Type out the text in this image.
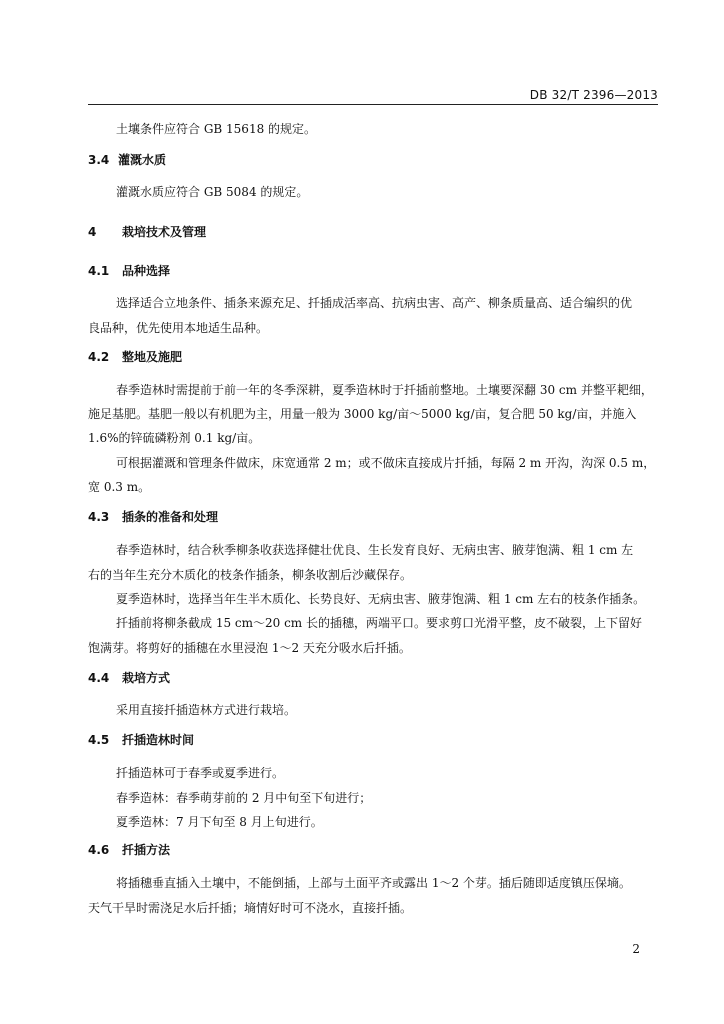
DB 32/T 2396—2013
土壤条件应符合 GB 15618 的规定。
3.4 灌溉水质
灌溉水质应符合 GB 5084 的规定。
4 栽培技术及管理
4.1 品种选择
选择适合立地条件、插条来源充足、扦插成活率高、抗病虫害、高产、柳条质量高、适合编织的优
良品种，优先使用本地适生品种。
4.2 整地及施肥
春季造林时需提前于前一年的冬季深耕，夏季造林时于扦插前整地。土壤要深翻 30 cm 并整平耙细，
施足基肥。基肥一般以有机肥为主，用量一般为 3000 kg/亩～5000 kg/亩，复合肥 50 kg/亩，并施入
1.6%的锌硫磷粉剂 0.1 kg/亩。
可根据灌溉和管理条件做床，床宽通常 2 m；或不做床直接成片扦插，每隔 2 m 开沟，沟深 0.5 m，
宽 0.3 m。
4.3 插条的准备和处理
春季造林时，结合秋季柳条收获选择健壮优良、生长发育良好、无病虫害、腋芽饱满、粗 1 cm 左
右的当年生充分木质化的枝条作插条，柳条收割后沙藏保存。
夏季造林时，选择当年生半木质化、长势良好、无病虫害、腋芽饱满、粗 1 cm 左右的枝条作插条。
扦插前将柳条截成 15 cm～20 cm 长的插穗，两端平口。要求剪口光滑平整，皮不破裂，上下留好
饱满芽。将剪好的插穗在水里浸泡 1～2 天充分吸水后扦插。
4.4 栽培方式
采用直接扦插造林方式进行栽培。
4.5 扦插造林时间
扦插造林可于春季或夏季进行。
春季造林：春季萌芽前的 2 月中旬至下旬进行；
夏季造林：7 月下旬至 8 月上旬进行。
4.6 扦插方法
将插穗垂直插入土壤中，不能倒插，上部与土面平齐或露出 1～2 个芽。插后随即适度镇压保墒。
天气干旱时需浇足水后扦插；墒情好时可不浇水，直接扦插。
2
